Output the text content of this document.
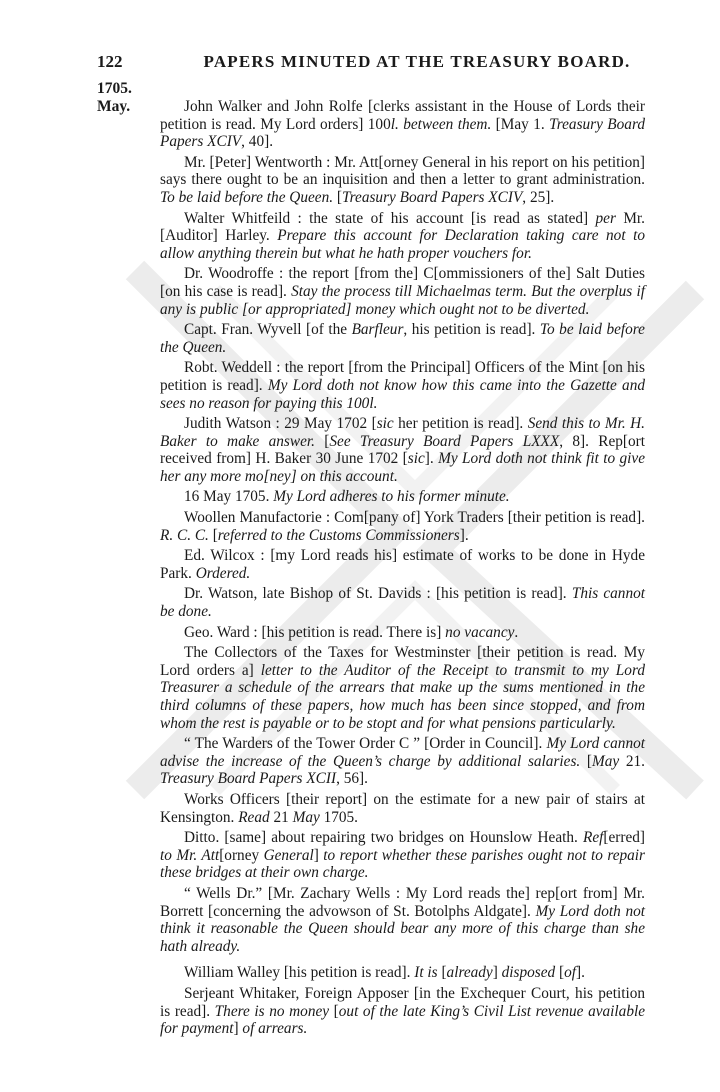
122	PAPERS MINUTED AT THE TREASURY BOARD.
1705.
May.	John Walker and John Rolfe [clerks assistant in the House of Lords their petition is read. My Lord orders] 100l. between them. [May 1. Treasury Board Papers XCIV, 40].

Mr. [Peter] Wentworth : Mr. Att[orney General in his report on his petition] says there ought to be an inquisition and then a letter to grant administration. To be laid before the Queen. [Treasury Board Papers XCIV, 25].

Walter Whitfeild : the state of his account [is read as stated] per Mr. [Auditor] Harley. Prepare this account for Declaration taking care not to allow anything therein but what he hath proper vouchers for.

Dr. Woodroffe : the report [from the] C[ommissioners of the] Salt Duties [on his case is read]. Stay the process till Michaelmas term. But the overplus if any is public [or appropriated] money which ought not to be diverted.

Capt. Fran. Wyvell [of the Barfleur, his petition is read]. To be laid before the Queen.

Robt. Weddell : the report [from the Principal] Officers of the Mint [on his petition is read]. My Lord doth not know how this came into the Gazette and sees no reason for paying this 100l.

Judith Watson : 29 May 1702 [sic her petition is read]. Send this to Mr. H. Baker to make answer. [See Treasury Board Papers LXXX, 8]. Rep[ort received from] H. Baker 30 June 1702 [sic]. My Lord doth not think fit to give her any more mo[ney] on this account.

16 May 1705. My Lord adheres to his former minute.

Woollen Manufactorie : Com[pany of] York Traders [their petition is read]. R. C. C. [referred to the Customs Commissioners].

Ed. Wilcox : [my Lord reads his] estimate of works to be done in Hyde Park. Ordered.

Dr. Watson, late Bishop of St. Davids : [his petition is read]. This cannot be done.

Geo. Ward : [his petition is read. There is] no vacancy.

The Collectors of the Taxes for Westminster [their petition is read. My Lord orders a] letter to the Auditor of the Receipt to transmit to my Lord Treasurer a schedule of the arrears that make up the sums mentioned in the third columns of these papers, how much has been since stopped, and from whom the rest is payable or to be stopt and for what pensions particularly.

“ The Warders of the Tower Order C ” [Order in Council]. My Lord cannot advise the increase of the Queen’s charge by additional salaries. [May 21. Treasury Board Papers XCII, 56].

Works Officers [their report] on the estimate for a new pair of stairs at Kensington. Read 21 May 1705.

Ditto. [same] about repairing two bridges on Hounslow Heath. Ref[erred] to Mr. Att[orney General] to report whether these parishes ought not to repair these bridges at their own charge.

“ Wells Dr.” [Mr. Zachary Wells : My Lord reads the] rep[ort from] Mr. Borrett [concerning the advowson of St. Botolphs Aldgate]. My Lord doth not think it reasonable the Queen should bear any more of this charge than she hath already.

William Walley [his petition is read]. It is [already] disposed [of].

Serjeant Whitaker, Foreign Apposer [in the Exchequer Court, his petition is read]. There is no money [out of the late King’s Civil List revenue available for payment] of arrears.
